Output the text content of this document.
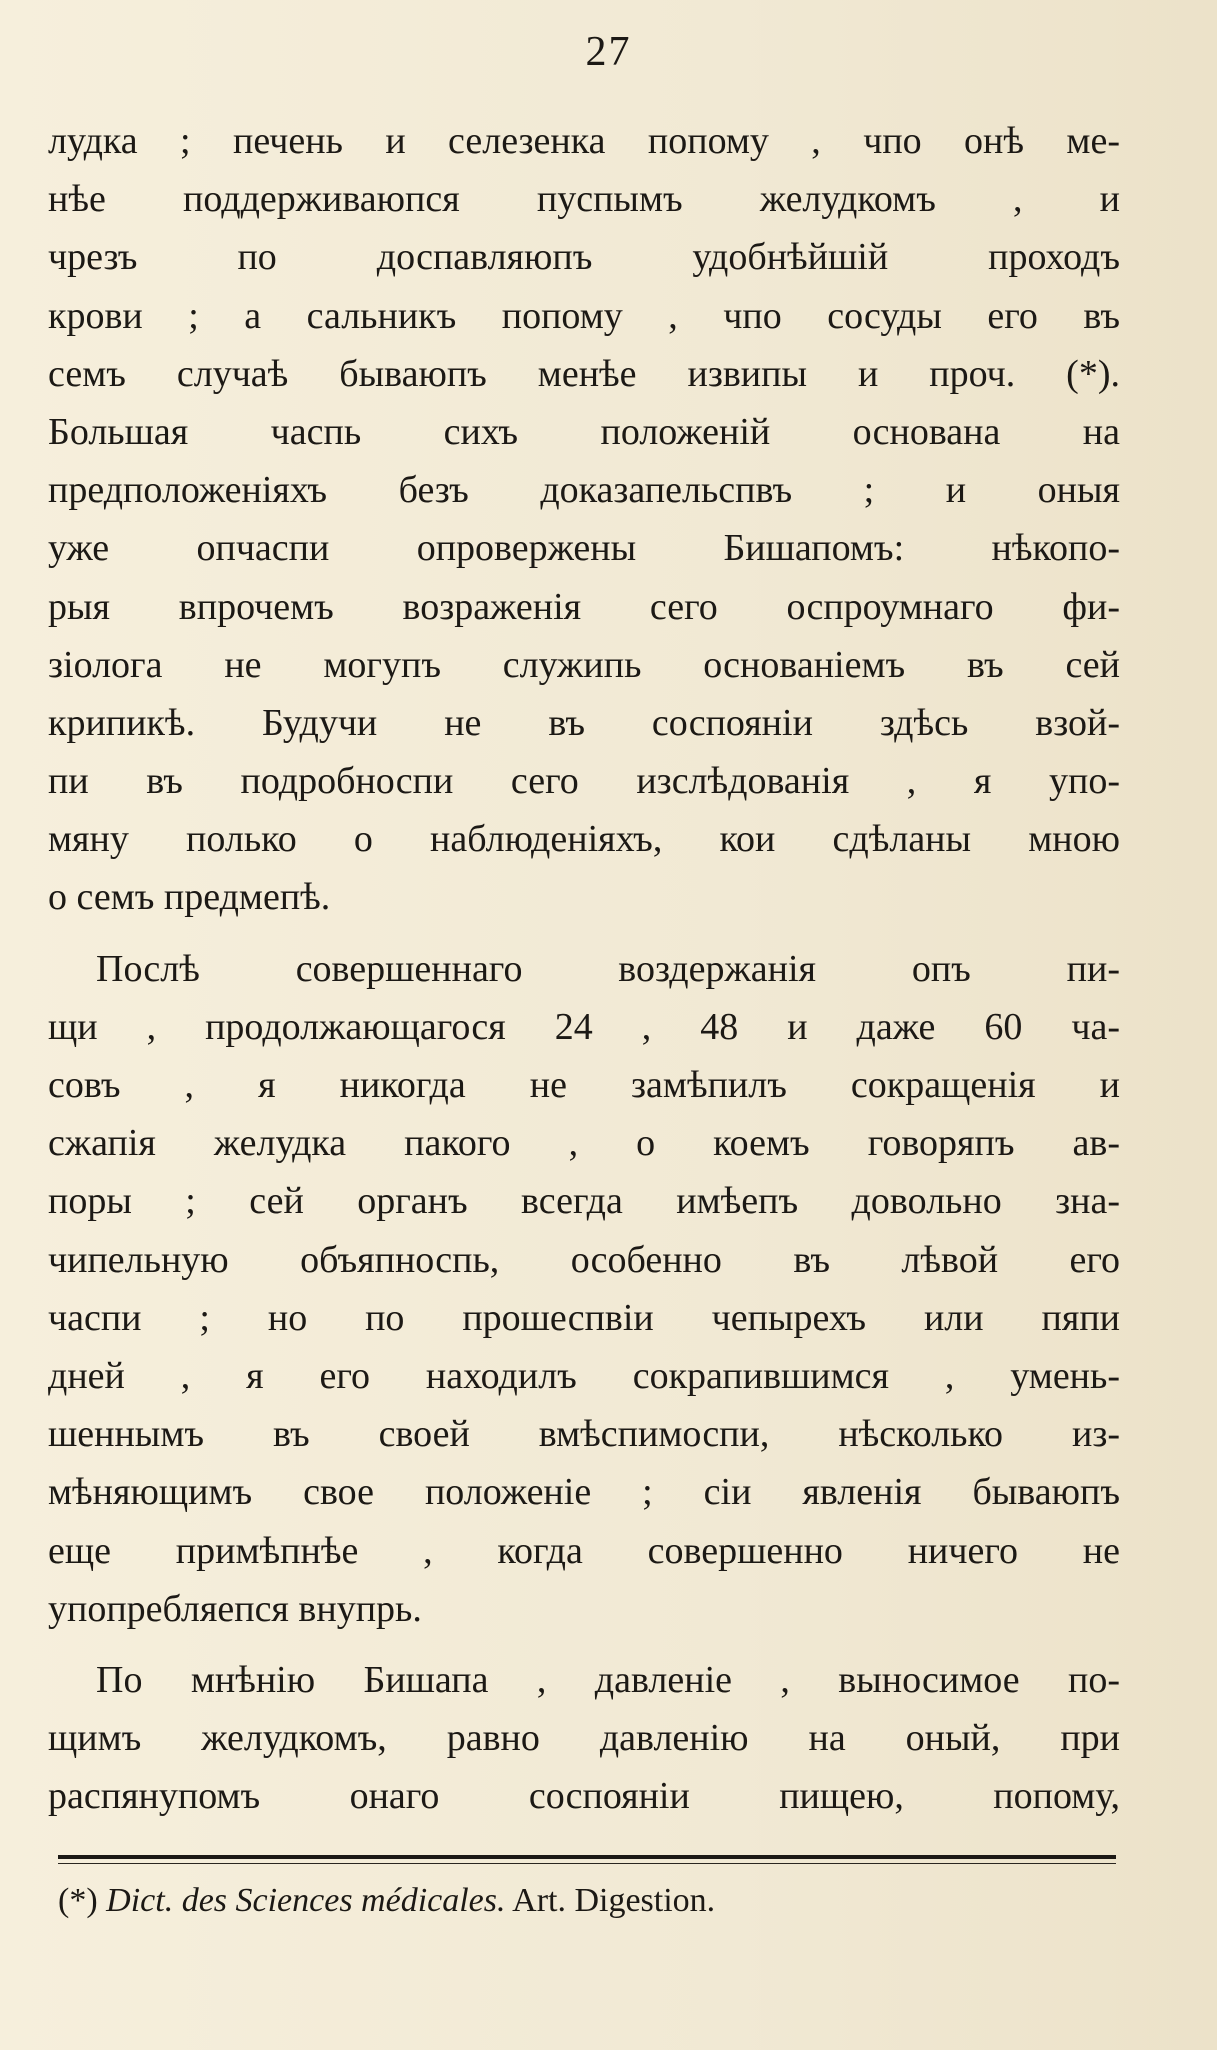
27
лудка ; печень и селезенка попому , чпо онѣ ме-
нѣе поддерживаюпся пуспымъ желудкомъ , и
чрезъ по доспавляюпъ удобнѣйшій проходъ
крови ; а сальникъ попому , чпо сосуды его въ
семъ случаѣ бываюпъ менѣе извипы и проч. (*).
Большая часпь сихъ положеній основана на
предположеніяхъ безъ доказапельспвъ ; и оныя
уже опчаспи опровержены Бишапомъ: нѣкопо-
рыя впрочемъ возраженія сего оспроумнаго фи-
зіолога не могупъ служипь основаніемъ въ сей
крипикѣ. Будучи не въ соспояніи здѣсь взой-
пи въ подробноспи сего изслѣдованія , я упо-
мяну полько о наблюденіяхъ, кои сдѣланы мною
о семъ предмепѣ.
Послѣ совершеннаго воздержанія опъ пи-
щи , продолжающагося 24 , 48 и даже 60 ча-
совъ , я никогда не замѣпилъ сокращенія и
сжапія желудка пакого , о коемъ говоряпъ ав-
поры ; сей органъ всегда имѣепъ довольно зна-
чипельную объяпноспь, особенно въ лѣвой его
часпи ; но по прошеспвіи чепырехъ или пяпи
дней , я его находилъ сокрапившимся , умень-
шеннымъ въ своей вмѣспимоспи, нѣсколько из-
мѣняющимъ свое положеніе ; сіи явленія бываюпъ
еще примѣпнѣе , когда совершенно ничего не
упопребляепся внупрь.
По мнѣнію Бишапа , давленіе , выносимое по-
щимъ желудкомъ, равно давленію на оный, при
распянупомъ онаго соспояніи пищею, попому,
(*) Dict. des Sciences médicales. Art. Digestion.
